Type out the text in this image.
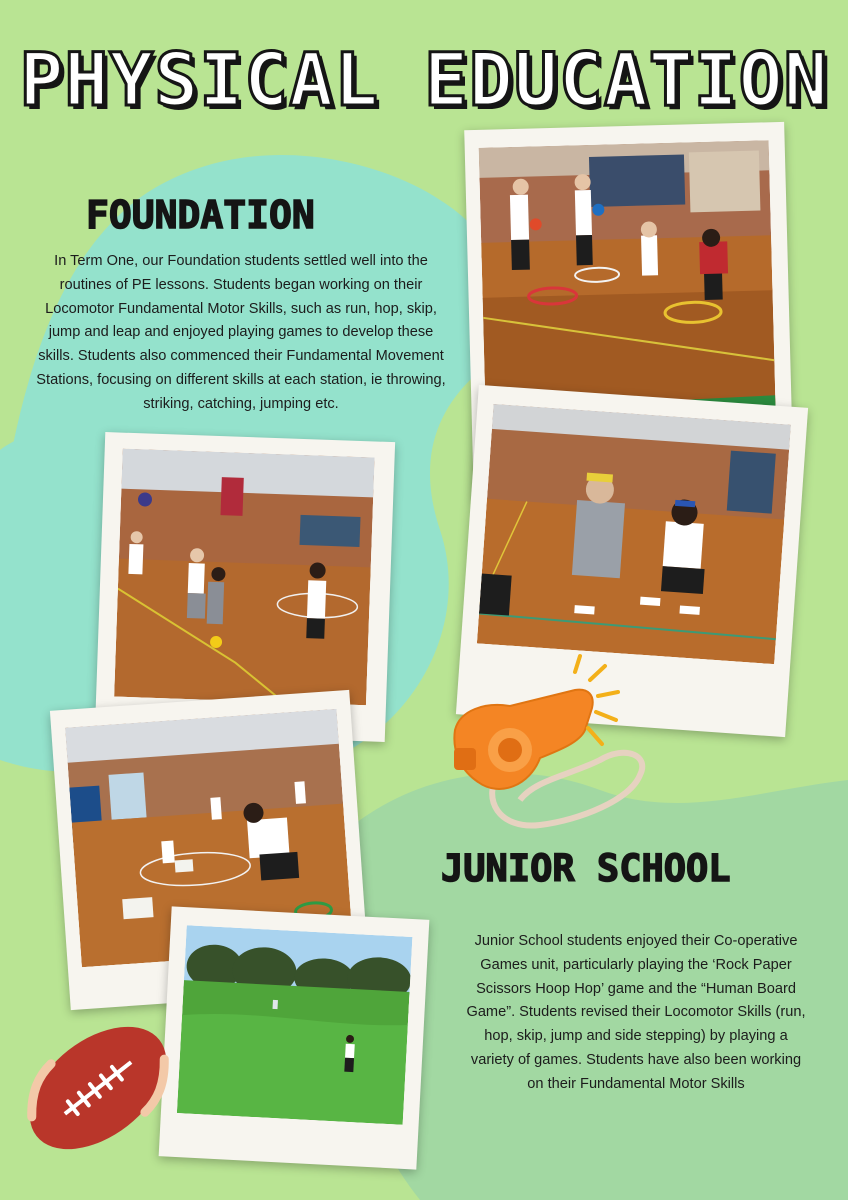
PHYSICAL EDUCATION
FOUNDATION
In Term One, our Foundation students settled well into the routines of PE lessons. Students began working on their Locomotor Fundamental Motor Skills, such as run, hop, skip, jump and leap and enjoyed playing games to develop these skills. Students also commenced their Fundamental Movement Stations, focusing on different skills at each station, ie throwing, striking, catching, jumping etc.
JUNIOR SCHOOL
Junior School students enjoyed their Co-operative Games unit, particularly playing the ‘Rock Paper Scissors Hoop Hop’ game and the “Human Board Game”. Students revised their Locomotor Skills (run, hop, skip, jump and side stepping) by playing a variety of games. Students have also been working on their Fundamental Motor Skills
